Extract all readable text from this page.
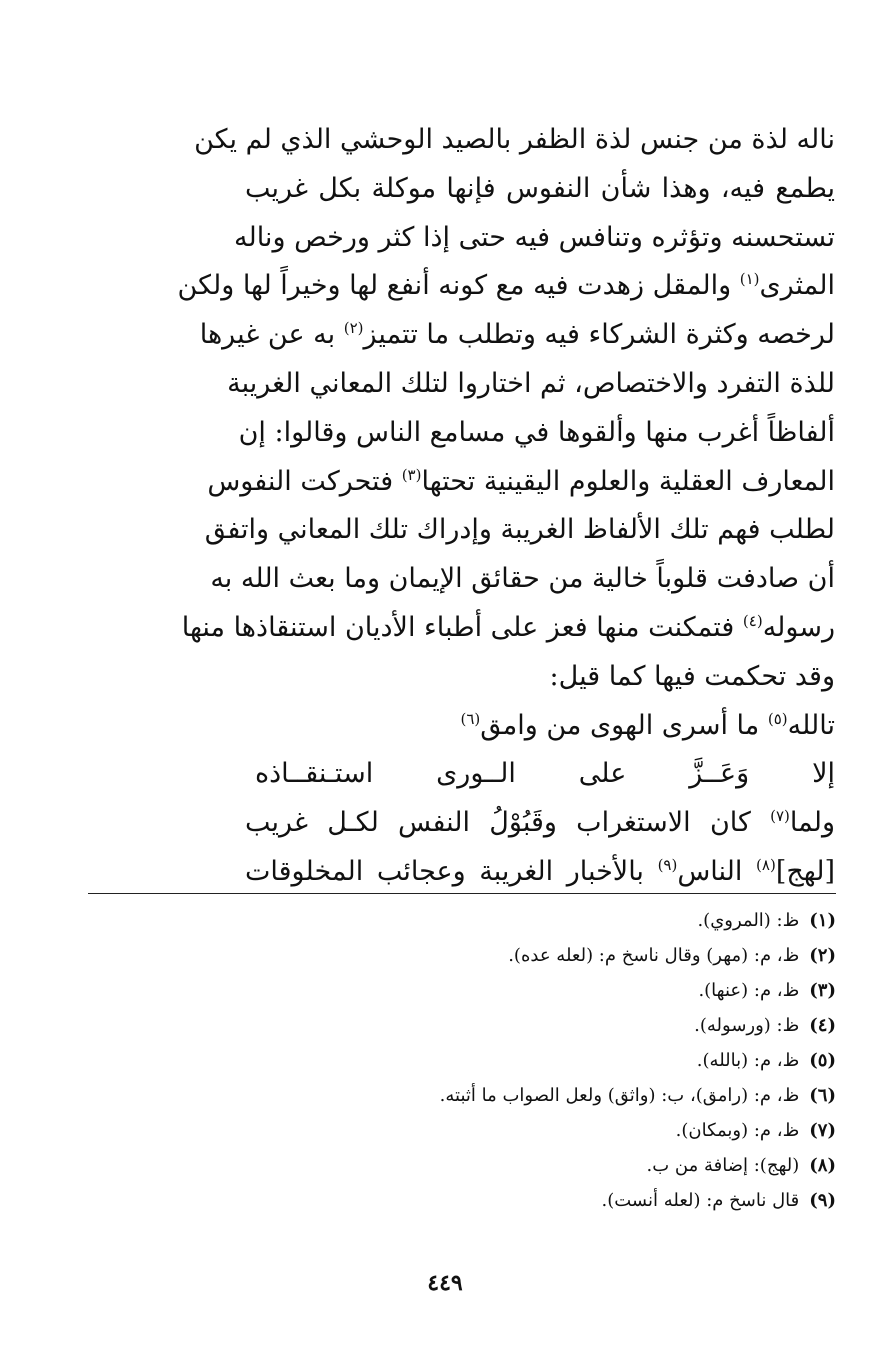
ناله لذة من جنس لذة الظفر بالصيد الوحشي الذي لم يكن
يطمع فيه، وهذا شأن النفوس فإنها موكلة بكل غريب
تستحسنه وتؤثره وتنافس فيه حتى إذا كثر ورخص وناله
المثرى$^{(١)}$ والمقل زهدت فيه مع كونه أنفع لها وخيراً لها ولكن
لرخصه وكثرة الشركاء فيه وتطلب ما تتميز$^{(٢)}$ به عن غيرها
للذة التفرد والاختصاص، ثم اختاروا لتلك المعاني الغريبة
ألفاظاً أغرب منها وألقوها في مسامع الناس وقالوا: إن
المعارف العقلية والعلوم اليقينية تحتها$^{(٣)}$ فتحركت النفوس
لطلب فهم تلك الألفاظ الغريبة وإدراك تلك المعاني واتفق
أن صادفت قلوباً خالية من حقائق الإيمان وما بعث الله به
رسوله$^{(٤)}$ فتمكنت منها فعز على أطباء الأديان استنقاذها منها
وقد تحكمت فيها كما قيل:
تالله$^{(٥)}$ ما أسرى الهوى من وامق$^{(٦)}$
إلا وَعَــزَّ على الــورى استـنقــاذه
ولما$^{(٧)}$ كان الاستغراب وقَبُوْلُ النفس لكـل غريب
[لهج]$^{(٨)}$ الناس$^{(٩)}$ بالأخبار الغريبة وعجائب المخلوقات
(١)ظ: (المروي).
(٢)ظ، م: (مهر) وقال ناسخ م: (لعله عده).
(٣)ظ، م: (عنها).
(٤)ظ: (ورسوله).
(٥)ظ، م: (بالله).
(٦)ظ، م: (رامق)، ب: (واثق) ولعل الصواب ما أثبته.
(٧)ظ، م: (وبمكان).
(٨)(لهج): إضافة من ب.
(٩)قال ناسخ م: (لعله أنست).
٤٤٩
